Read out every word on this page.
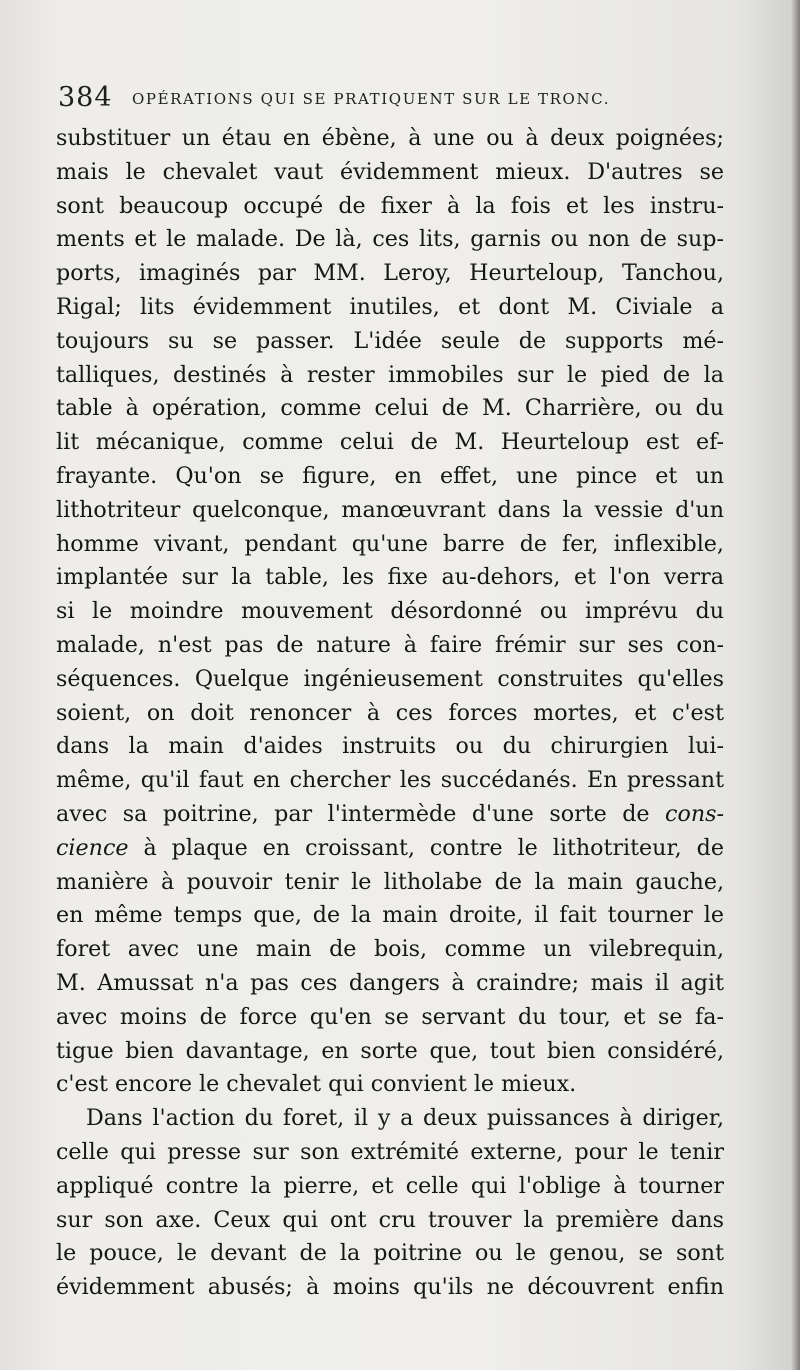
384 OPÉRATIONS QUI SE PRATIQUENT SUR LE TRONC.
substituer un étau en ébène, à une ou à deux poignées;
mais le chevalet vaut évidemment mieux. D'autres se
sont beaucoup occupé de fixer à la fois et les instru-
ments et le malade. De là, ces lits, garnis ou non de sup-
ports, imaginés par MM. Leroy, Heurteloup, Tanchou,
Rigal; lits évidemment inutiles, et dont M. Civiale a
toujours su se passer. L'idée seule de supports mé-
talliques, destinés à rester immobiles sur le pied de la
table à opération, comme celui de M. Charrière, ou du
lit mécanique, comme celui de M. Heurteloup est ef-
frayante. Qu'on se figure, en effet, une pince et un
lithotriteur quelconque, manœuvrant dans la vessie d'un
homme vivant, pendant qu'une barre de fer, inflexible,
implantée sur la table, les fixe au-dehors, et l'on verra
si le moindre mouvement désordonné ou imprévu du
malade, n'est pas de nature à faire frémir sur ses con-
séquences. Quelque ingénieusement construites qu'elles
soient, on doit renoncer à ces forces mortes, et c'est
dans la main d'aides instruits ou du chirurgien lui-
même, qu'il faut en chercher les succédanés. En pressant
avec sa poitrine, par l'intermède d'une sorte de cons-
cience à plaque en croissant, contre le lithotriteur, de
manière à pouvoir tenir le litholabe de la main gauche,
en même temps que, de la main droite, il fait tourner le
foret avec une main de bois, comme un vilebrequin,
M. Amussat n'a pas ces dangers à craindre; mais il agit
avec moins de force qu'en se servant du tour, et se fa-
tigue bien davantage, en sorte que, tout bien considéré,
c'est encore le chevalet qui convient le mieux.
Dans l'action du foret, il y a deux puissances à diriger,
celle qui presse sur son extrémité externe, pour le tenir
appliqué contre la pierre, et celle qui l'oblige à tourner
sur son axe. Ceux qui ont cru trouver la première dans
le pouce, le devant de la poitrine ou le genou, se sont
évidemment abusés; à moins qu'ils ne découvrent enfin
